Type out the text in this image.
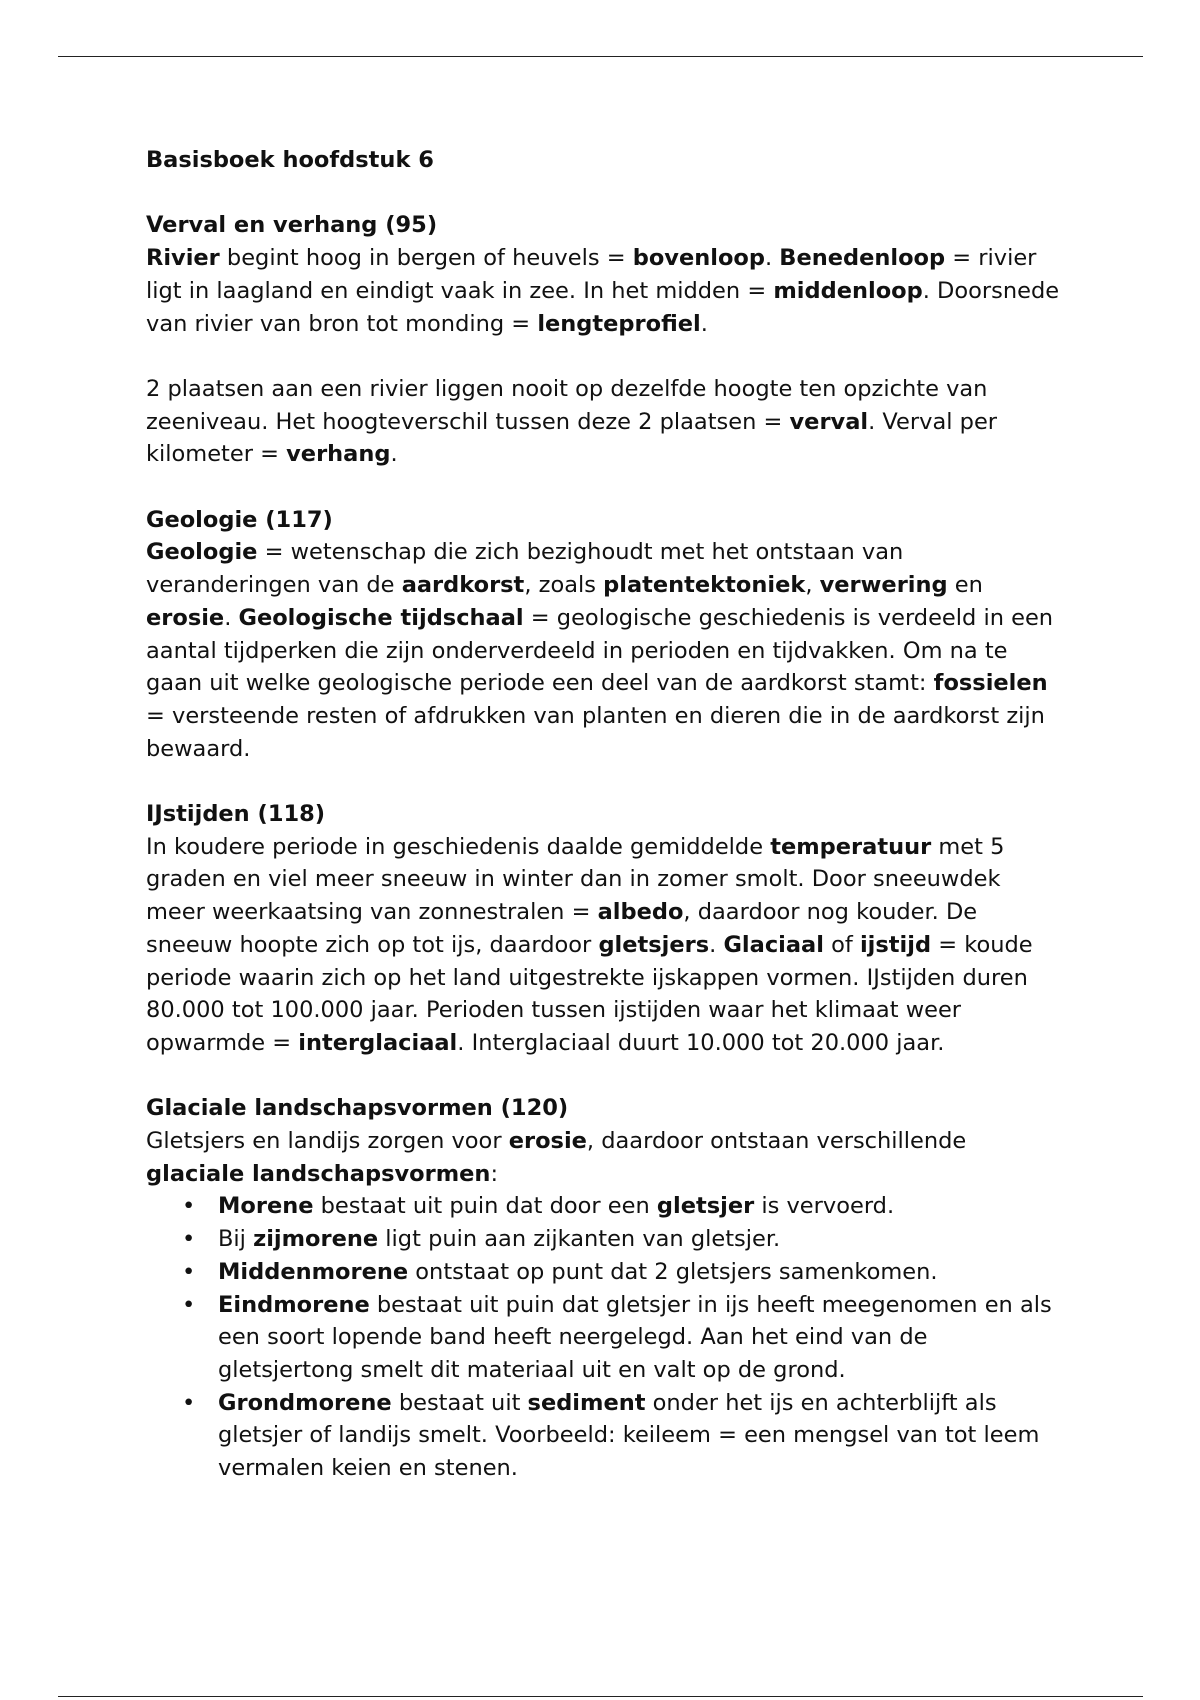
Basisboek hoofdstuk 6
Verval en verhang (95)

Rivier begint hoog in bergen of heuvels = bovenloop. Benedenloop = rivier ligt in laagland en eindigt vaak in zee. In het midden = middenloop. Doorsnede van rivier van bron tot monding = lengteprofiel.

2 plaatsen aan een rivier liggen nooit op dezelfde hoogte ten opzichte van zeeniveau. Het hoogteverschil tussen deze 2 plaatsen = verval. Verval per kilometer = verhang.

Geologie (117)

Geologie = wetenschap die zich bezighoudt met het ontstaan van veranderingen van de aardkorst, zoals platentektoniek, verwering en erosie. Geologische tijdschaal = geologische geschiedenis is verdeeld in een aantal tijdperken die zijn onderverdeeld in perioden en tijdvakken. Om na te gaan uit welke geologische periode een deel van de aardkorst stamt: fossielen = versteende resten of afdrukken van planten en dieren die in de aardkorst zijn bewaard.

IJstijden (118)

In koudere periode in geschiedenis daalde gemiddelde temperatuur met 5 graden en viel meer sneeuw in winter dan in zomer smolt. Door sneeuwdek meer weerkaatsing van zonnestralen = albedo, daardoor nog kouder. De sneeuw hoopte zich op tot ijs, daardoor gletsjers. Glaciaal of ijstijd = koude periode waarin zich op het land uitgestrekte ijskappen vormen. IJstijden duren 80.000 tot 100.000 jaar. Perioden tussen ijstijden waar het klimaat weer opwarmde = interglaciaal. Interglaciaal duurt 10.000 tot 20.000 jaar.

Glaciale landschapsvormen (120)

Gletsjers en landijs zorgen voor erosie, daardoor ontstaan verschillende glaciale landschapsvormen:

• Morene bestaat uit puin dat door een gletsjer is vervoerd.
• Bij zijmorene ligt puin aan zijkanten van gletsjer.
• Middenmorene ontstaat op punt dat 2 gletsjers samenkomen.
• Eindmorene bestaat uit puin dat gletsjer in ijs heeft meegenomen en als een soort lopende band heeft neergelegd. Aan het eind van de gletsjertong smelt dit materiaal uit en valt op de grond.
• Grondmorene bestaat uit sediment onder het ijs en achterblijft als gletsjer of landijs smelt. Voorbeeld: keileem = een mengsel van tot leem vermalen keien en stenen.
